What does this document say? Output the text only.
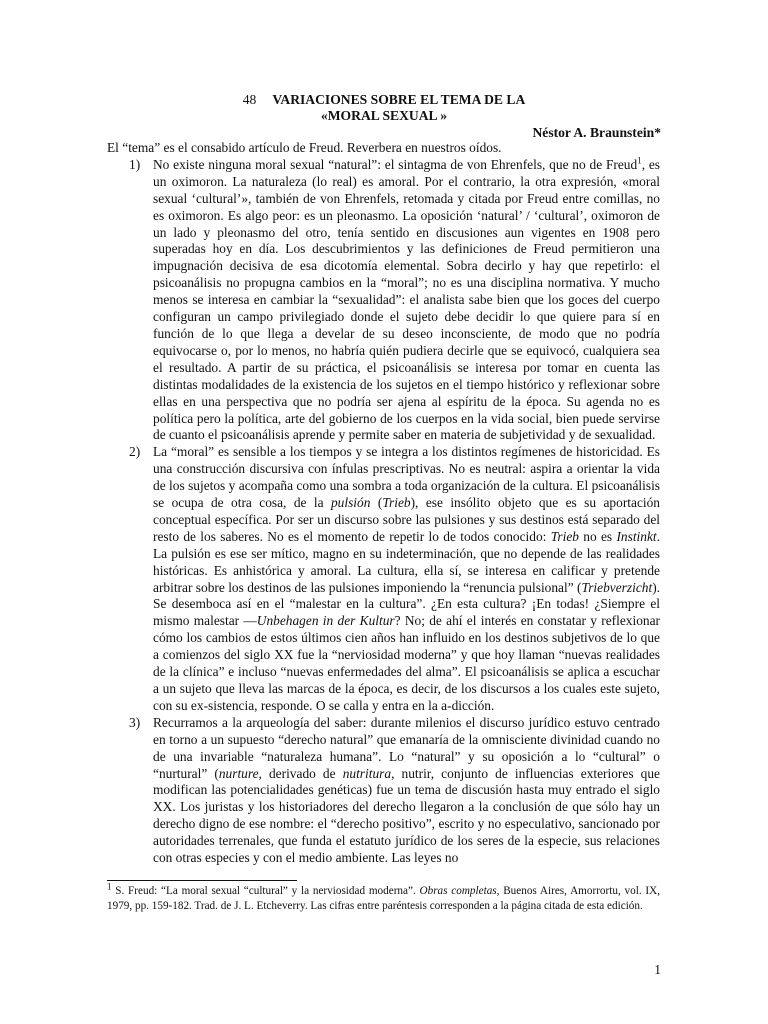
48 VARIACIONES SOBRE EL TEMA DE LA
«MORAL SEXUAL »
Néstor A. Braunstein*

El “tema” es el consabido artículo de Freud. Reverbera en nuestros oídos.

1) No existe ninguna moral sexual “natural”: el sintagma de von Ehrenfels, que no de Freud$^1$, es un oximoron. La naturaleza (lo real) es amoral. Por el contrario, la otra expresión, «moral sexual ‘cultural’», también de von Ehrenfels, retomada y citada por Freud entre comillas, no es oximoron. Es algo peor: es un pleonasmo. La oposición ‘natural’ / ‘cultural’, oximoron de un lado y pleonasmo del otro, tenía sentido en discusiones aun vigentes en 1908 pero superadas hoy en día. Los descubrimientos y las definiciones de Freud permitieron una impugnación decisiva de esa dicotomía elemental. Sobra decirlo y hay que repetirlo: el psicoanálisis no propugna cambios en la “moral”; no es una disciplina normativa. Y mucho menos se interesa en cambiar la “sexualidad”: el analista sabe bien que los goces del cuerpo configuran un campo privilegiado donde el sujeto debe decidir lo que quiere para sí en función de lo que llega a develar de su deseo inconsciente, de modo que no podría equivocarse o, por lo menos, no habría quién pudiera decirle que se equivocó, cualquiera sea el resultado. A partir de su práctica, el psicoanálisis se interesa por tomar en cuenta las distintas modalidades de la existencia de los sujetos en el tiempo histórico y reflexionar sobre ellas en una perspectiva que no podría ser ajena al espíritu de la época. Su agenda no es política pero la política, arte del gobierno de los cuerpos en la vida social, bien puede servirse de cuanto el psicoanálisis aprende y permite saber en materia de subjetividad y de sexualidad.
2) La “moral” es sensible a los tiempos y se integra a los distintos regímenes de historicidad. Es una construcción discursiva con ínfulas prescriptivas. No es neutral: aspira a orientar la vida de los sujetos y acompaña como una sombra a toda organización de la cultura. El psicoanálisis se ocupa de otra cosa, de la pulsión (Trieb), ese insólito objeto que es su aportación conceptual específica. Por ser un discurso sobre las pulsiones y sus destinos está separado del resto de los saberes. No es el momento de repetir lo de todos conocido: Trieb no es Instinkt. La pulsión es ese ser mítico, magno en su indeterminación, que no depende de las realidades históricas. Es anhistórica y amoral. La cultura, ella sí, se interesa en calificar y pretende arbitrar sobre los destinos de las pulsiones imponiendo la “renuncia pulsional” (Triebverzicht). Se desemboca así en el “malestar en la cultura”. ¿En esta cultura? ¡En todas! ¿Siempre el mismo malestar —Unbehagen in der Kultur? No; de ahí el interés en constatar y reflexionar cómo los cambios de estos últimos cien años han influido en los destinos subjetivos de lo que a comienzos del siglo XX fue la “nerviosidad moderna” y que hoy llaman “nuevas realidades de la clínica” e incluso “nuevas enfermedades del alma”. El psicoanálisis se aplica a escuchar a un sujeto que lleva las marcas de la época, es decir, de los discursos a los cuales este sujeto, con su ex-sistencia, responde. O se calla y entra en la a-dicción.
3) Recurramos a la arqueología del saber: durante milenios el discurso jurídico estuvo centrado en torno a un supuesto “derecho natural” que emanaría de la omnisciente divinidad cuando no de una invariable “naturaleza humana”. Lo “natural” y su oposición a lo “cultural” o “nurtural” (nurture, derivado de nutritura, nutrir, conjunto de influencias exteriores que modifican las potencialidades genéticas) fue un tema de discusión hasta muy entrado el siglo XX. Los juristas y los historiadores del derecho llegaron a la conclusión de que sólo hay un derecho digno de ese nombre: el “derecho positivo”, escrito y no especulativo, sancionado por autoridades terrenales, que funda el estatuto jurídico de los seres de la especie, sus relaciones con otras especies y con el medio ambiente. Las leyes no
$^1$ S. Freud: “La moral sexual “cultural” y la nerviosidad moderna”. Obras completas, Buenos Aires, Amorrortu, vol. IX, 1979, pp. 159-182. Trad. de J. L. Etcheverry. Las cifras entre paréntesis corresponden a la página citada de esta edición.
1
